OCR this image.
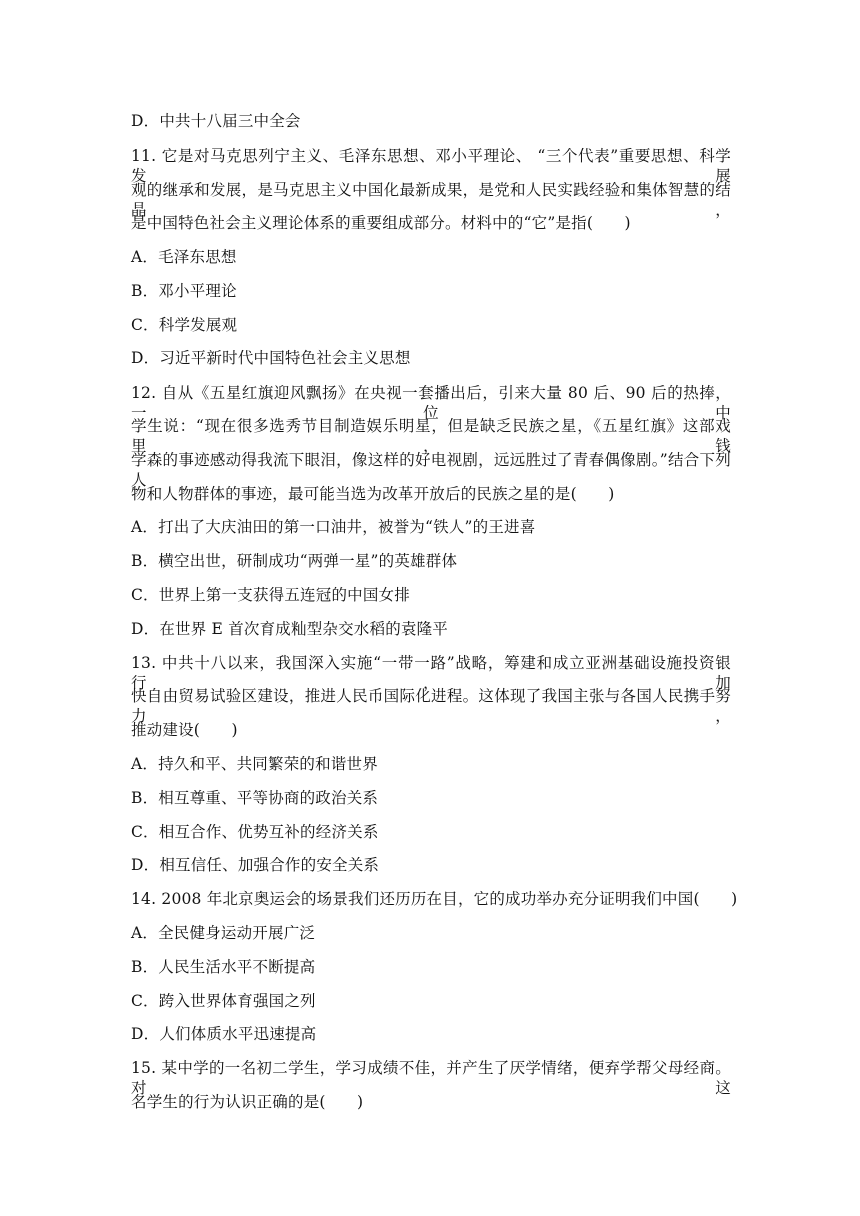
D．中共十八届三中全会
11. 它是对马克思列宁主义、毛泽东思想、邓小平理论、 “三个代表”重要思想、科学发展
观的继承和发展，是马克思主义中国化最新成果，是党和人民实践经验和集体智慧的结晶，
是中国特色社会主义理论体系的重要组成部分。材料中的“它”是指(　　)
A．毛泽东思想
B．邓小平理论
C．科学发展观
D．习近平新时代中国特色社会主义思想
12. 自从《五星红旗迎风飘扬》在央视一套播出后，引来大量 80 后、90 后的热捧，一位中
学生说：“现在很多选秀节目制造娱乐明星，但是缺乏民族之星，《五星红旗》这部戏里，钱
学森的事迹感动得我流下眼泪，像这样的好电视剧，远远胜过了青春偶像剧。”结合下列人
物和人物群体的事迹，最可能当选为改革开放后的民族之星的是(　　)
A．打出了大庆油田的第一口油井，被誉为“铁人”的王进喜
B．横空出世，研制成功“两弹一星”的英雄群体
C．世界上第一支获得五连冠的中国女排
D．在世界 E 首次育成籼型杂交水稻的袁隆平
13. 中共十八以来，我国深入实施“一带一路”战略，筹建和成立亚洲基础设施投资银行，加
快自由贸易试验区建设，推进人民币国际化进程。这体现了我国主张与各国人民携手努力，
推动建设(　　)
A．持久和平、共同繁荣的和谐世界
B．相互尊重、平等协商的政治关系
C．相互合作、优势互补的经济关系
D．相互信任、加强合作的安全关系
14. 2008 年北京奥运会的场景我们还历历在目，它的成功举办充分证明我们中国(　　)
A．全民健身运动开展广泛
B．人民生活水平不断提高
C．跨入世界体育强国之列
D．人们体质水平迅速提高
15. 某中学的一名初二学生，学习成绩不佳，并产生了厌学情绪，便弃学帮父母经商。对这
名学生的行为认识正确的是(　　)
